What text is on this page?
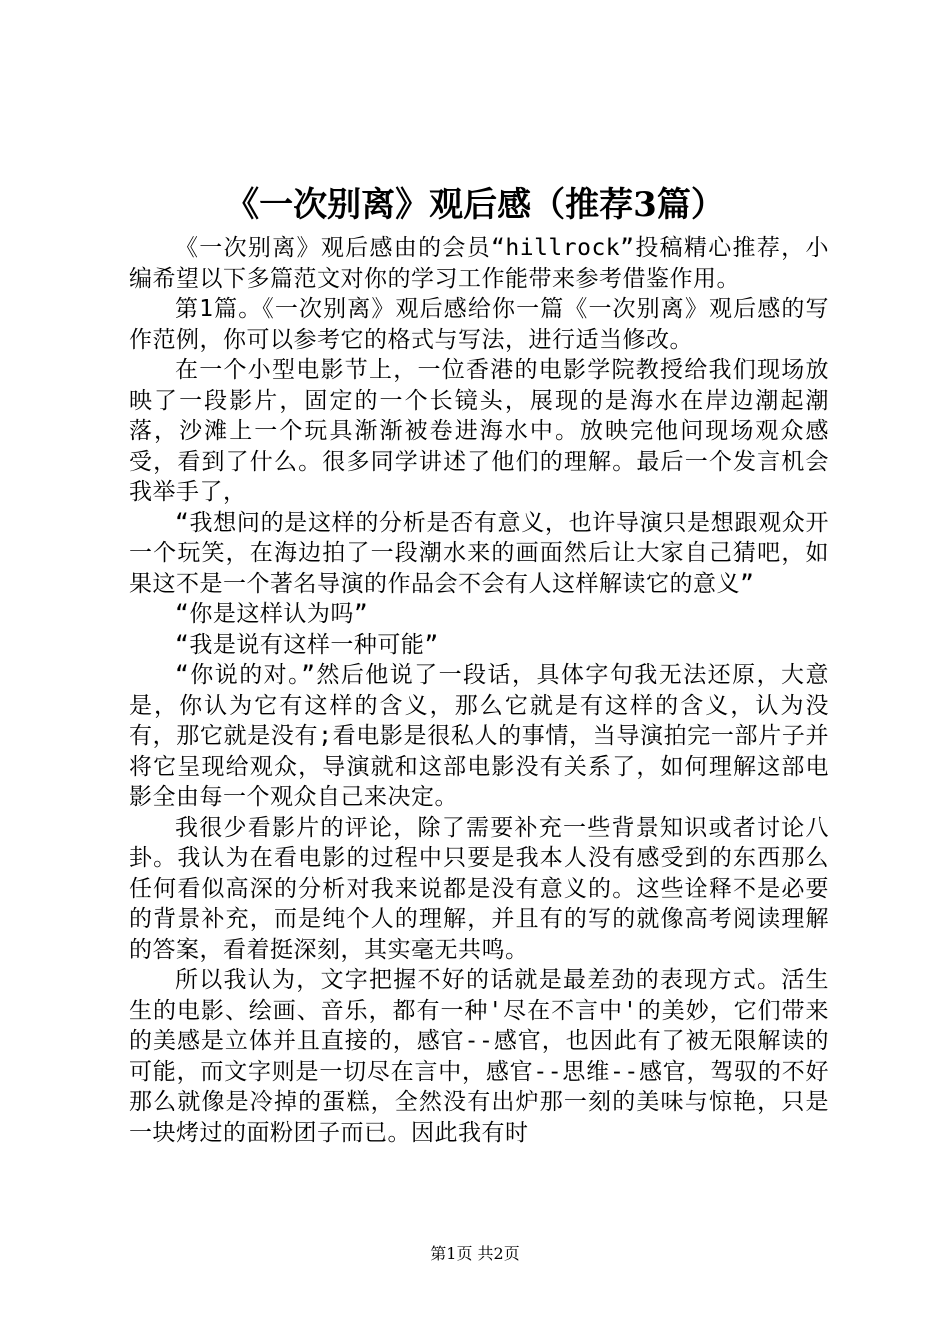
《一次别离》观后感（推荐3篇）

《一次别离》观后感由的会员“hillrock”投稿精心推荐，小编希望以下多篇范文对你的学习工作能带来参考借鉴作用。

第1篇。《一次别离》观后感给你一篇《一次别离》观后感的写作范例，你可以参考它的格式与写法，进行适当修改。

在一个小型电影节上，一位香港的电影学院教授给我们现场放映了一段影片，固定的一个长镜头，展现的是海水在岸边潮起潮落，沙滩上一个玩具渐渐被卷进海水中。放映完他问现场观众感受，看到了什么。很多同学讲述了他们的理解。最后一个发言机会我举手了，

“我想问的是这样的分析是否有意义，也许导演只是想跟观众开一个玩笑，在海边拍了一段潮水来的画面然后让大家自己猜吧，如果这不是一个著名导演的作品会不会有人这样解读它的意义”

“你是这样认为吗”

“我是说有这样一种可能”

“你说的对。”然后他说了一段话，具体字句我无法还原，大意是，你认为它有这样的含义，那么它就是有这样的含义，认为没有，那它就是没有;看电影是很私人的事情，当导演拍完一部片子并将它呈现给观众，导演就和这部电影没有关系了，如何理解这部电影全由每一个观众自己来决定。

我很少看影片的评论，除了需要补充一些背景知识或者讨论八卦。我认为在看电影的过程中只要是我本人没有感受到的东西那么任何看似高深的分析对我来说都是没有意义的。这些诠释不是必要的背景补充，而是纯个人的理解，并且有的写的就像高考阅读理解的答案，看着挺深刻，其实毫无共鸣。

所以我认为，文字把握不好的话就是最差劲的表现方式。活生生的电影、绘画、音乐，都有一种'尽在不言中'的美妙，它们带来的美感是立体并且直接的，感官--感官，也因此有了被无限解读的可能，而文字则是一切尽在言中，感官--思维--感官，驾驭的不好那么就像是冷掉的蛋糕，全然没有出炉那一刻的美味与惊艳，只是一块烤过的面粉团子而已。因此我有时

第1页 共2页
